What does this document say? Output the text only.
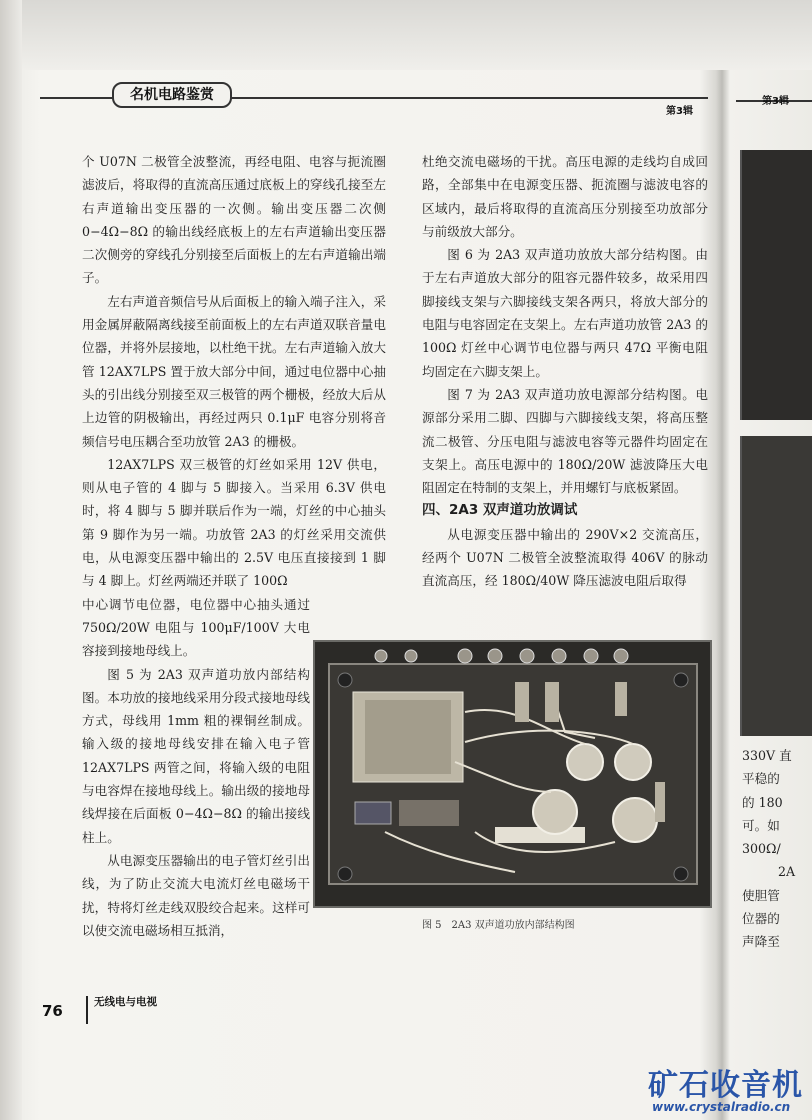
名机电路鉴赏
第3辑
第3辑

个 U07N 二极管全波整流，再经电阻、电容与扼流圈滤波后，将取得的直流高压通过底板上的穿线孔接至左右声道输出变压器的一次侧。输出变压器二次侧 0−4Ω−8Ω 的输出线经底板上的左右声道输出变压器二次侧旁的穿线孔分别接至后面板上的左右声道输出端子。

左右声道音频信号从后面板上的输入端子注入，采用金属屏蔽隔离线接至前面板上的左右声道双联音量电位器，并将外层接地，以杜绝干扰。左右声道输入放大管 12AX7LPS 置于放大部分中间，通过电位器中心抽头的引出线分别接至双三极管的两个栅极，经放大后从上边管的阴极输出，再经过两只 0.1μF 电容分别将音频信号电压耦合至功放管 2A3 的栅极。

12AX7LPS 双三极管的灯丝如采用 12V 供电，则从电子管的 4 脚与 5 脚接入。当采用 6.3V 供电时，将 4 脚与 5 脚并联后作为一端，灯丝的中心抽头第 9 脚作为另一端。功放管 2A3 的灯丝采用交流供电，从电源变压器中输出的 2.5V 电压直接接到 1 脚与 4 脚上。灯丝两端还并联了 100Ω

中心调节电位器，电位器中心抽头通过 750Ω/20W 电阻与 100μF/100V 大电容接到接地母线上。

图 5 为 2A3 双声道功放内部结构图。本功放的接地线采用分段式接地母线方式，母线用 1mm 粗的裸铜丝制成。输入级的接地母线安排在输入电子管 12AX7LPS 两管之间，将输入级的电阻与电容焊在接地母线上。输出级的接地母线焊接在后面板 0−4Ω−8Ω 的输出接线柱上。

从电源变压器输出的电子管灯丝引出线，为了防止交流大电流灯丝电磁场干扰，特将灯丝走线双股绞合起来。这样可以使交流电磁场相互抵消，

杜绝交流电磁场的干扰。高压电源的走线均自成回路，全部集中在电源变压器、扼流圈与滤波电容的区域内，最后将取得的直流高压分别接至功放部分与前级放大部分。

图 6 为 2A3 双声道功放放大部分结构图。由于左右声道放大部分的阻容元器件较多，故采用四脚接线支架与六脚接线支架各两只，将放大部分的电阻与电容固定在支架上。左右声道功放管 2A3 的 100Ω 灯丝中心调节电位器与两只 47Ω 平衡电阻均固定在六脚支架上。

图 7 为 2A3 双声道功放电源部分结构图。电源部分采用二脚、四脚与六脚接线支架，将高压整流二极管、分压电阻与滤波电容等元器件均固定在支架上。高压电源中的 180Ω/20W 滤波降压大电阻固定在特制的支架上，并用螺钉与底板紧固。

四、2A3 双声道功放调试

从电源变压器中输出的 290V×2 交流高压，经两个 U07N 二极管全波整流取得 406V 的脉动直流高压，经 180Ω/40W 降压滤波电阻后取得

图 5　2A3 双声道功放内部结构图
330V 直
平稳的
的 180
可。如
300Ω/
2A
使胆管
位器的
声降至
76	无线电与电视
矿石收音机
www.crystalradio.cn
